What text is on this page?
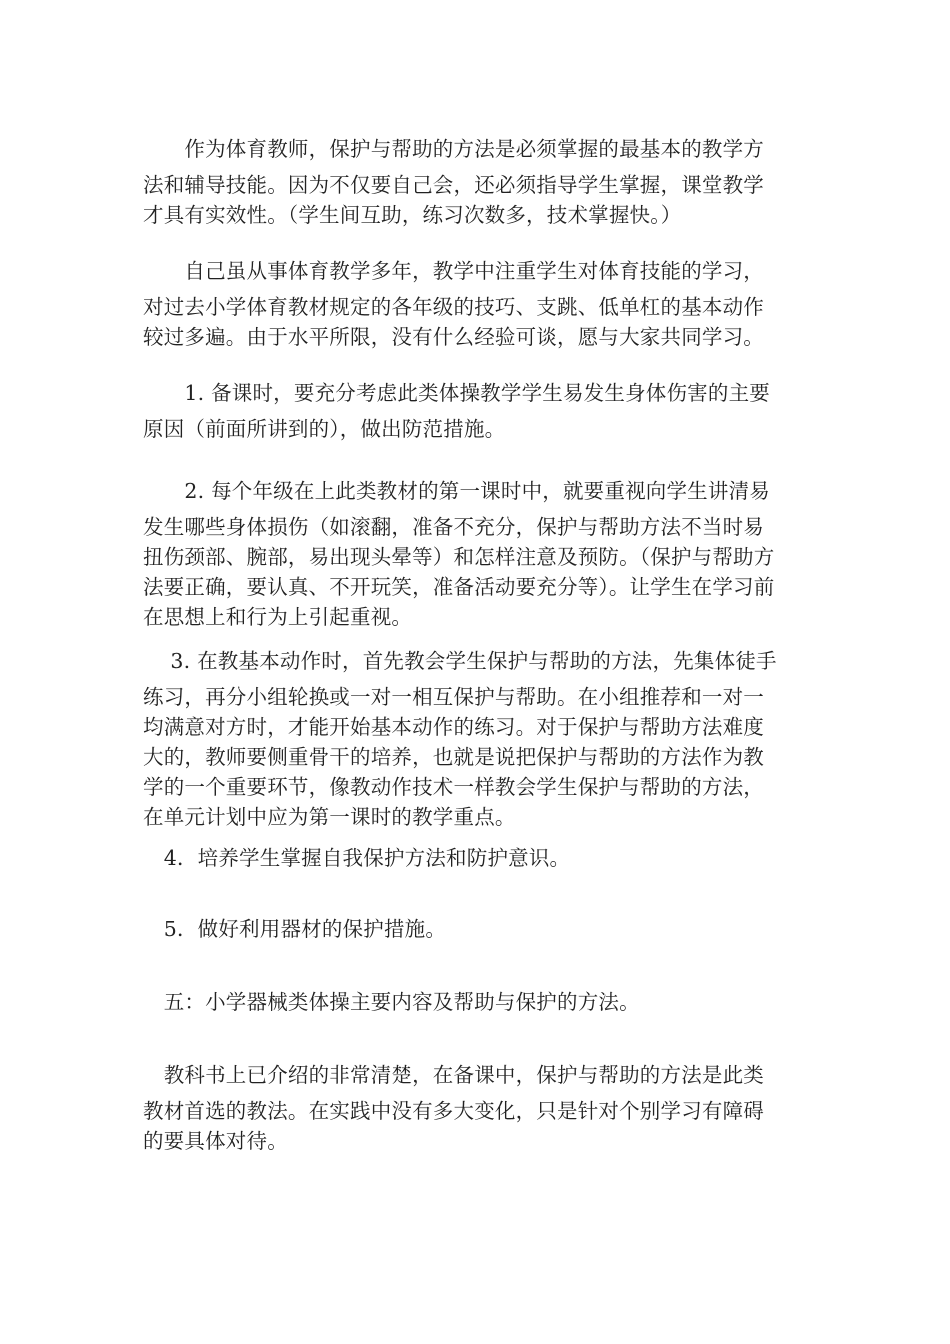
　　作为体育教师，保护与帮助的方法是必须掌握的最基本的教学方
法和辅导技能。因为不仅要自己会，还必须指导学生掌握，课堂教学
才具有实效性。（学生间互助，练习次数多，技术掌握快。）
　　自己虽从事体育教学多年，教学中注重学生对体育技能的学习，
对过去小学体育教材规定的各年级的技巧、支跳、低单杠的基本动作
较过多遍。由于水平所限，没有什么经验可谈，愿与大家共同学习。
　　1. 备课时，要充分考虑此类体操教学学生易发生身体伤害的主要
原因（前面所讲到的），做出防范措施。
　　2. 每个年级在上此类教材的第一课时中，就要重视向学生讲清易
发生哪些身体损伤（如滚翻，准备不充分，保护与帮助方法不当时易
扭伤颈部、腕部，易出现头晕等）和怎样注意及预防。（保护与帮助方
法要正确，要认真、不开玩笑，准备活动要充分等）。让学生在学习前
在思想上和行为上引起重视。
　 3. 在教基本动作时，首先教会学生保护与帮助的方法，先集体徒手
练习，再分小组轮换或一对一相互保护与帮助。在小组推荐和一对一
均满意对方时，才能开始基本动作的练习。对于保护与帮助方法难度
大的，教师要侧重骨干的培养，也就是说把保护与帮助的方法作为教
学的一个重要环节，像教动作技术一样教会学生保护与帮助的方法，
在单元计划中应为第一课时的教学重点。
　4．培养学生掌握自我保护方法和防护意识。
　5．做好利用器材的保护措施。
　五：小学器械类体操主要内容及帮助与保护的方法。
　教科书上已介绍的非常清楚，在备课中，保护与帮助的方法是此类
教材首选的教法。在实践中没有多大变化，只是针对个别学习有障碍
的要具体对待。
